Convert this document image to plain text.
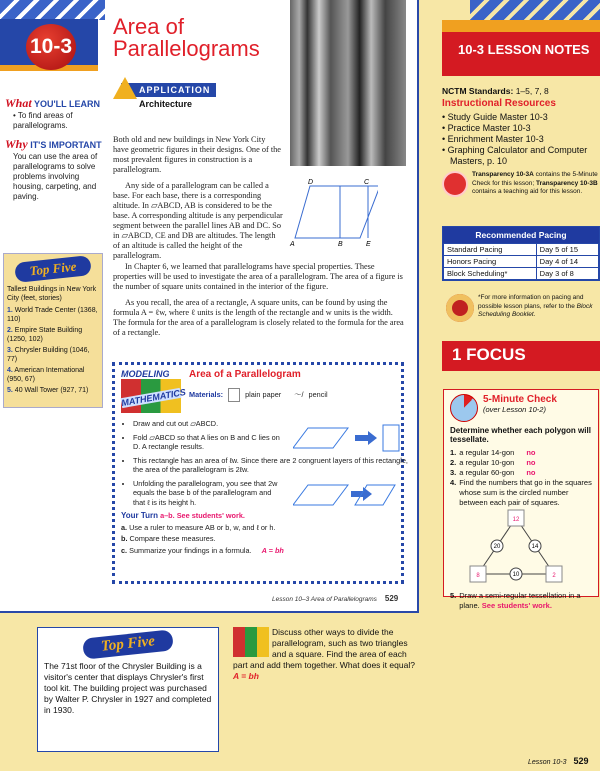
10-3
What YOU'LL LEARN
• To find areas of parallelograms.
Why IT'S IMPORTANT
You can use the area of parallelograms to solve problems involving housing, carpeting, and paving.
Top Five
Tallest Buildings in New York City (feet, stories)
1. World Trade Center (1368, 110)
2. Empire State Building (1250, 102)
3. Chrysler Building (1046, 77)
4. American International (950, 67)
5. 40 Wall Tower (927, 71)
Area of
Parallelograms
APPLICATION
Architecture

Both old and new buildings in New York City have geometric figures in their designs. One of the most prevalent figures in construction is a parallelogram.

Any side of a parallelogram can be called a base. For each base, there is a corresponding altitude. In ▱ABCD, AB is considered to be the base. A corresponding altitude is any perpendicular segment between the parallel lines AB and DC. So in ▱ABCD, CE and DB are altitudes. The length of an altitude is called the height of the parallelogram.

D	C
A	B	E

In Chapter 6, we learned that parallelograms have special properties. These properties will be used to investigate the area of a parallelogram. The area of a figure is the number of square units contained in the interior of the figure.

As you recall, the area of a rectangle, A square units, can be found by using the formula A = ℓw, where ℓ units is the length of the rectangle and w units is the width. The formula for the area of a parallelogram is closely related to the formula for the area of a rectangle.

MODELING
MATHEMATICS
Area of a Parallelogram
Materials:	plain paper 〜/ pencil
• Draw and cut out ▱ABCD.
• Fold ▱ABCD so that A lies on B and C lies on D. A rectangle results.
• This rectangle has an area of ℓw. Since there are 2 congruent layers of this rectangle, the area of the parallelogram is 2ℓw.
• Unfolding the parallelogram, you see that 2w equals the base b of the parallelogram and that ℓ is its height h.
Your Turn a–b. See students' work.
a. Use a ruler to measure AB or b, w, and ℓ or h.
b. Compare these measures.
c. Summarize your findings in a formula. A = bh
Lesson 10–3 Area of Parallelograms 529
10-3 LESSON NOTES
NCTM Standards: 1–5, 7, 8
Instructional Resources
• Study Guide Master 10-3
• Practice Master 10-3
• Enrichment Master 10-3
• Graphing Calculator and Computer Masters, p. 10
Transparency 10-3A contains the 5-Minute Check for this lesson; Transparency 10-3B contains a teaching aid for this lesson.
Recommended Pacing
Standard Pacing	Day 5 of 15
Honors Pacing	Day 4 of 14
Block Scheduling*	Day 3 of 8
*For more information on pacing and possible lesson plans, refer to the Block Scheduling Booklet.
1 FOCUS
5-Minute Check
(over Lesson 10-2)
Determine whether each polygon will tessellate.
1. a regular 14-gon no
2. a regular 10-gon no
3. a regular 60-gon no
4. Find the numbers that go in the squares whose sum is the circled number between each pair of squares.
12
8	2
20	14
10
5. Draw a semi-regular tessellation in a plane. See students' work.
Top Five
The 71st floor of the Chrysler Building is a visitor's center that displays Chrysler's first tool kit. The building project was purchased by Walter P. Chrysler in 1927 and completed in 1930.
Discuss other ways to divide the parallelogram, such as two triangles and a square. Find the area of each part and add them together. What does it equal? A = bh
Lesson 10-3 529
